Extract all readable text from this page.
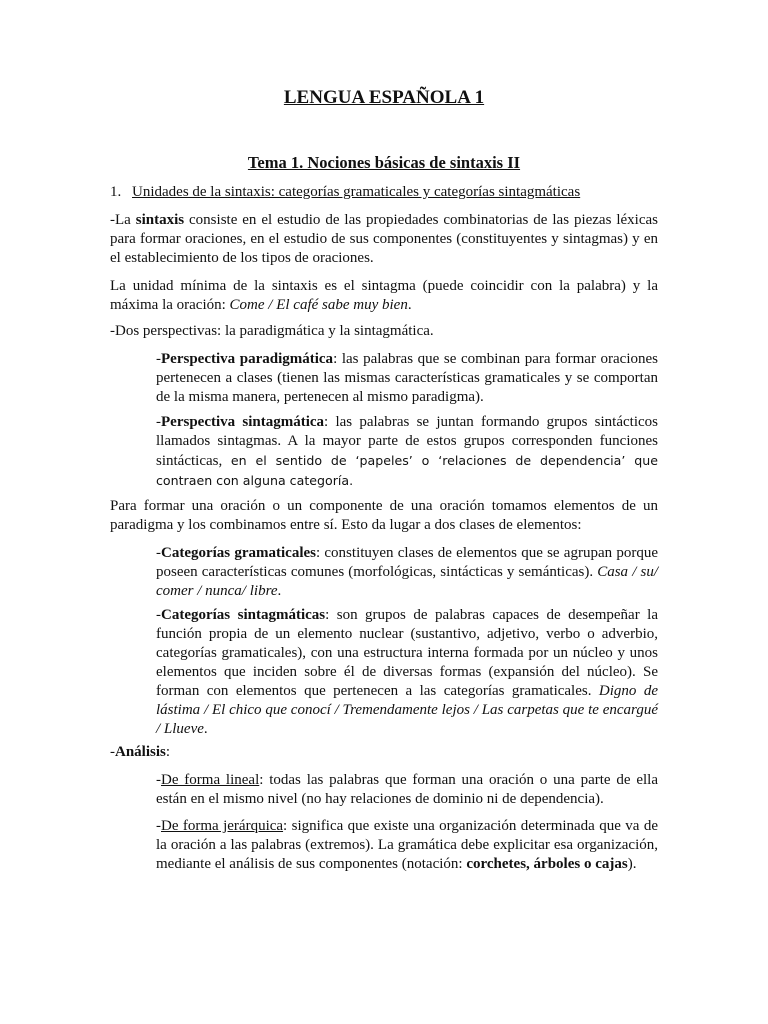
LENGUA ESPAÑOLA 1
Tema 1. Nociones básicas de sintaxis II
1. Unidades de la sintaxis: categorías gramaticales y categorías sintagmáticas
-La sintaxis consiste en el estudio de las propiedades combinatorias de las piezas léxicas para formar oraciones, en el estudio de sus componentes (constituyentes y sintagmas) y en el establecimiento de los tipos de oraciones.
La unidad mínima de la sintaxis es el sintagma (puede coincidir con la palabra) y la máxima la oración: Come / El café sabe muy bien.
-Dos perspectivas: la paradigmática y la sintagmática.
-Perspectiva paradigmática: las palabras que se combinan para formar oraciones pertenecen a clases (tienen las mismas características gramaticales y se comportan de la misma manera, pertenecen al mismo paradigma).
-Perspectiva sintagmática: las palabras se juntan formando grupos sintácticos llamados sintagmas. A la mayor parte de estos grupos corresponden funciones sintácticas, en el sentido de ‘papeles’ o ‘relaciones de dependencia’ que contraen con alguna categoría.
Para formar una oración o un componente de una oración tomamos elementos de un paradigma y los combinamos entre sí. Esto da lugar a dos clases de elementos:
-Categorías gramaticales: constituyen clases de elementos que se agrupan porque poseen características comunes (morfológicas, sintácticas y semánticas). Casa / su/ comer / nunca/ libre.
-Categorías sintagmáticas: son grupos de palabras capaces de desempeñar la función propia de un elemento nuclear (sustantivo, adjetivo, verbo o adverbio, categorías gramaticales), con una estructura interna formada por un núcleo y unos elementos que inciden sobre él de diversas formas (expansión del núcleo). Se forman con elementos que pertenecen a las categorías gramaticales. Digno de lástima / El chico que conocí / Tremendamente lejos / Las carpetas que te encargué / Llueve.
-Análisis:
-De forma lineal: todas las palabras que forman una oración o una parte de ella están en el mismo nivel (no hay relaciones de dominio ni de dependencia).
-De forma jerárquica: significa que existe una organización determinada que va de la oración a las palabras (extremos). La gramática debe explicitar esa organización, mediante el análisis de sus componentes (notación: corchetes, árboles o cajas).
